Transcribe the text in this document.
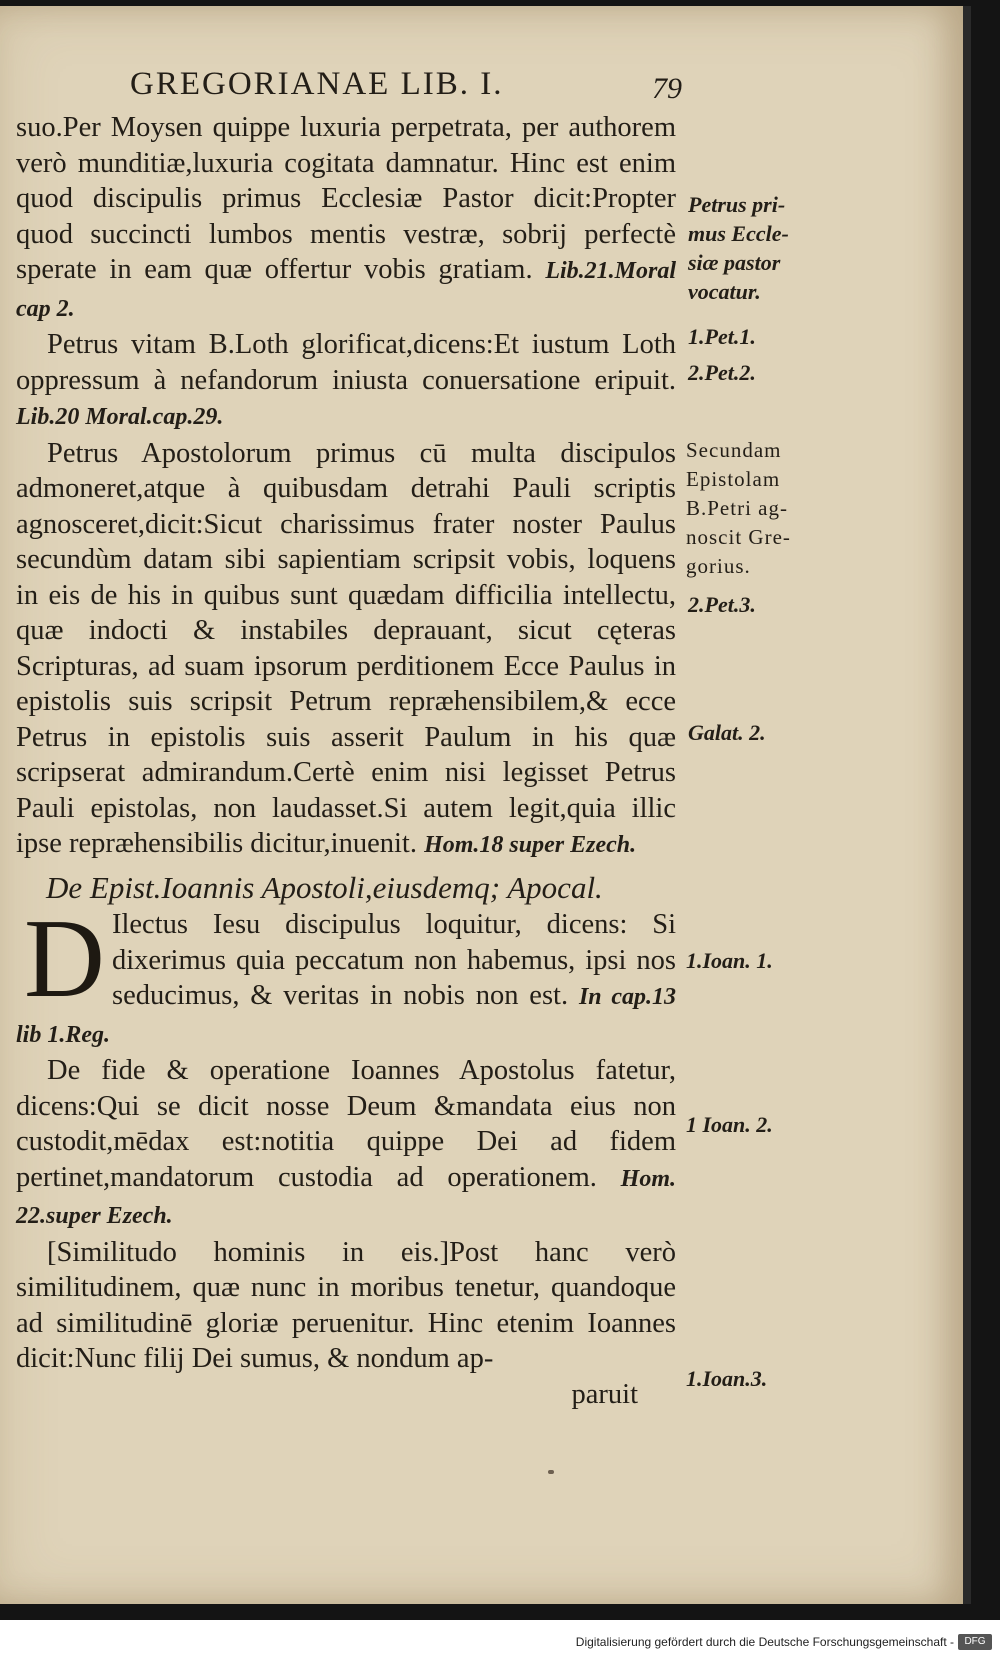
GREGORIANAE LIB. I.	79

suo.Per Moysen quippe luxuria perpetrata, per authorem verò munditiæ,luxuria cogitata damnatur. Hinc est enim quod discipulis primus Ecclesiæ Pastor dicit:Propter quod succincti lumbos mentis vestræ, sobrij perfectè sperate in eam quæ offertur vobis gratiam. Lib.21.Moral cap 2.

Petrus vitam B.Loth glorificat,dicens:Et iustum Loth oppressum à nefandorum iniusta conuersatione eripuit. Lib.20 Moral.cap.29.

Petrus Apostolorum primus cū multa discipulos admoneret,atque à quibusdam detrahi Pauli scriptis agnosceret,dicit:Sicut charissimus frater noster Paulus secundùm datam sibi sapientiam scripsit vobis, loquens in eis de his in quibus sunt quædam difficilia intellectu, quæ indocti & instabiles deprauant, sicut cęteras Scripturas, ad suam ipsorum perditionem Ecce Paulus in epistolis suis scripsit Petrum repræhensibilem,& ecce Petrus in epistolis suis asserit Paulum in his quæ scripserat admirandum.Certè enim nisi legisset Petrus Pauli epistolas, non laudasset.Si autem legit,quia illic ipse repræhensibilis dicitur,inuenit. Hom.18 super Ezech.

De Epist.Ioannis Apostoli,eiusdemq; Apocal.

D Ilectus Iesu discipulus loquitur, dicens: Si dixerimus quia peccatum non habemus, ipsi nos seducimus, & veritas in nobis non est. In cap.13 lib 1.Reg.

De fide & operatione Ioannes Apostolus fatetur, dicens:Qui se dicit nosse Deum &mandata eius non custodit,mēdax est:notitia quippe Dei ad fidem pertinet,mandatorum custodia ad operationem. Hom. 22.super Ezech.

[Similitudo hominis in eis.]Post hanc verò similitudinem, quæ nunc in moribus tenetur, quandoque ad similitudinē gloriæ peruenitur. Hinc etenim Ioannes dicit:Nunc filij Dei sumus, & nondum ap-

paruit

Petrus pri-
mus Eccle-
siæ pastor
vocatur.
1.Pet.1.
2.Pet.2.
Secundam
Epistolam
B.Petri ag-
noscit Gre-
gorius.
2.Pet.3.
Galat. 2.
1.Ioan. 1.
1 Ioan. 2.
1.Ioan.3.
Digitalisierung gefördert durch die Deutsche Forschungsgemeinschaft -	DFG
